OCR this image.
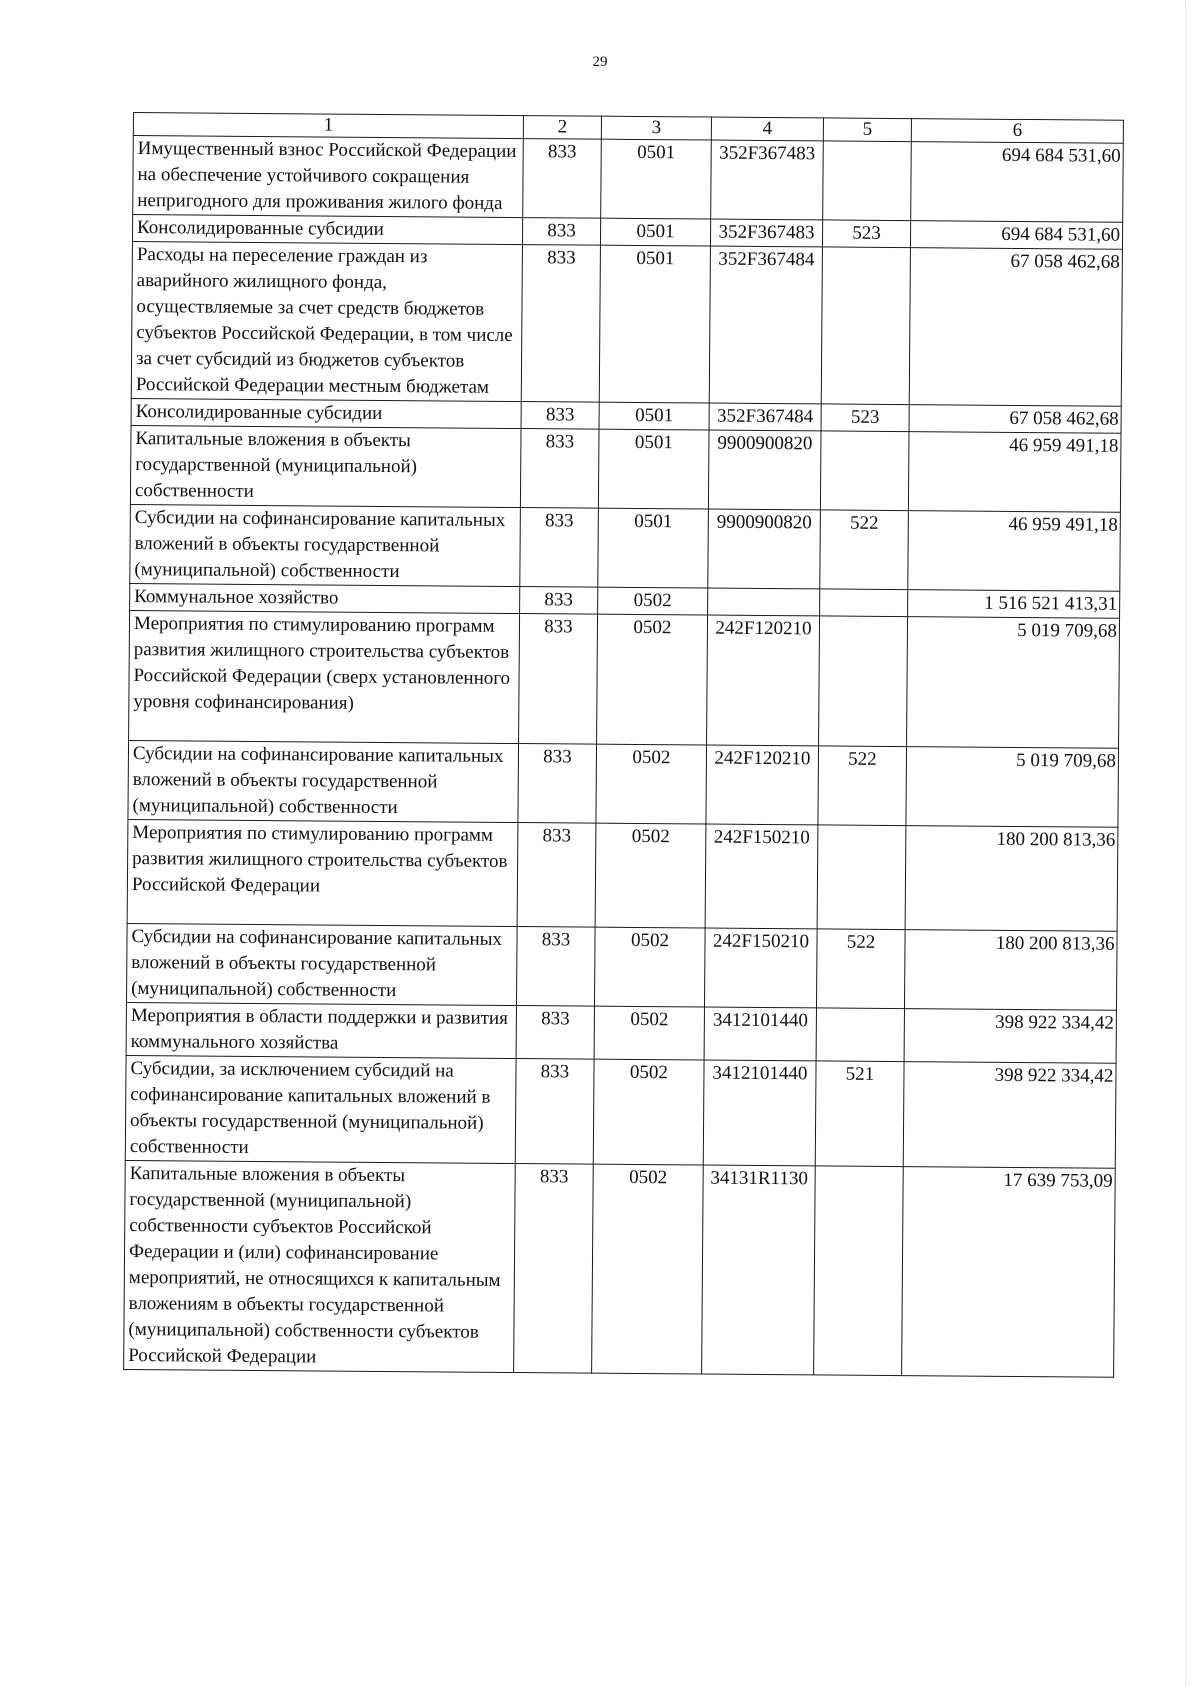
29
1	2	3	4	5	6
Имущественный взнос Российской Федерации на обеспечение устойчивого сокращения непригодного для проживания жилого фонда	833	0501	352F367483		694 684 531,60
Консолидированные субсидии	833	0501	352F367483	523	694 684 531,60
Расходы на переселение граждан из аварийного жилищного фонда, осуществляемые за счет средств бюджетов субъектов Российской Федерации, в том числе за счет субсидий из бюджетов субъектов Российской Федерации местным бюджетам	833	0501	352F367484		67 058 462,68
Консолидированные субсидии	833	0501	352F367484	523	67 058 462,68
Капитальные вложения в объекты государственной (муниципальной) собственности	833	0501	9900900820		46 959 491,18
Субсидии на софинансирование капитальных вложений в объекты государственной (муниципальной) собственности	833	0501	9900900820	522	46 959 491,18
Коммунальное хозяйство	833	0502			1 516 521 413,31
Мероприятия по стимулированию программ развития жилищного строительства субъектов Российской Федерации (сверх установленного уровня софинансирования)	833	0502	242F120210		5 019 709,68
Субсидии на софинансирование капитальных вложений в объекты государственной (муниципальной) собственности	833	0502	242F120210	522	5 019 709,68
Мероприятия по стимулированию программ развития жилищного строительства субъектов Российской Федерации	833	0502	242F150210		180 200 813,36
Субсидии на софинансирование капитальных вложений в объекты государственной (муниципальной) собственности	833	0502	242F150210	522	180 200 813,36
Мероприятия в области поддержки и развития коммунального хозяйства	833	0502	3412101440		398 922 334,42
Субсидии, за исключением субсидий на софинансирование капитальных вложений в объекты государственной (муниципальной) собственности	833	0502	3412101440	521	398 922 334,42
Капитальные вложения в объекты государственной (муниципальной) собственности субъектов Российской Федерации и (или) софинансирование мероприятий, не относящихся к капитальным вложениям в объекты государственной (муниципальной) собственности субъектов Российской Федерации	833	0502	34131R1130		17 639 753,09
